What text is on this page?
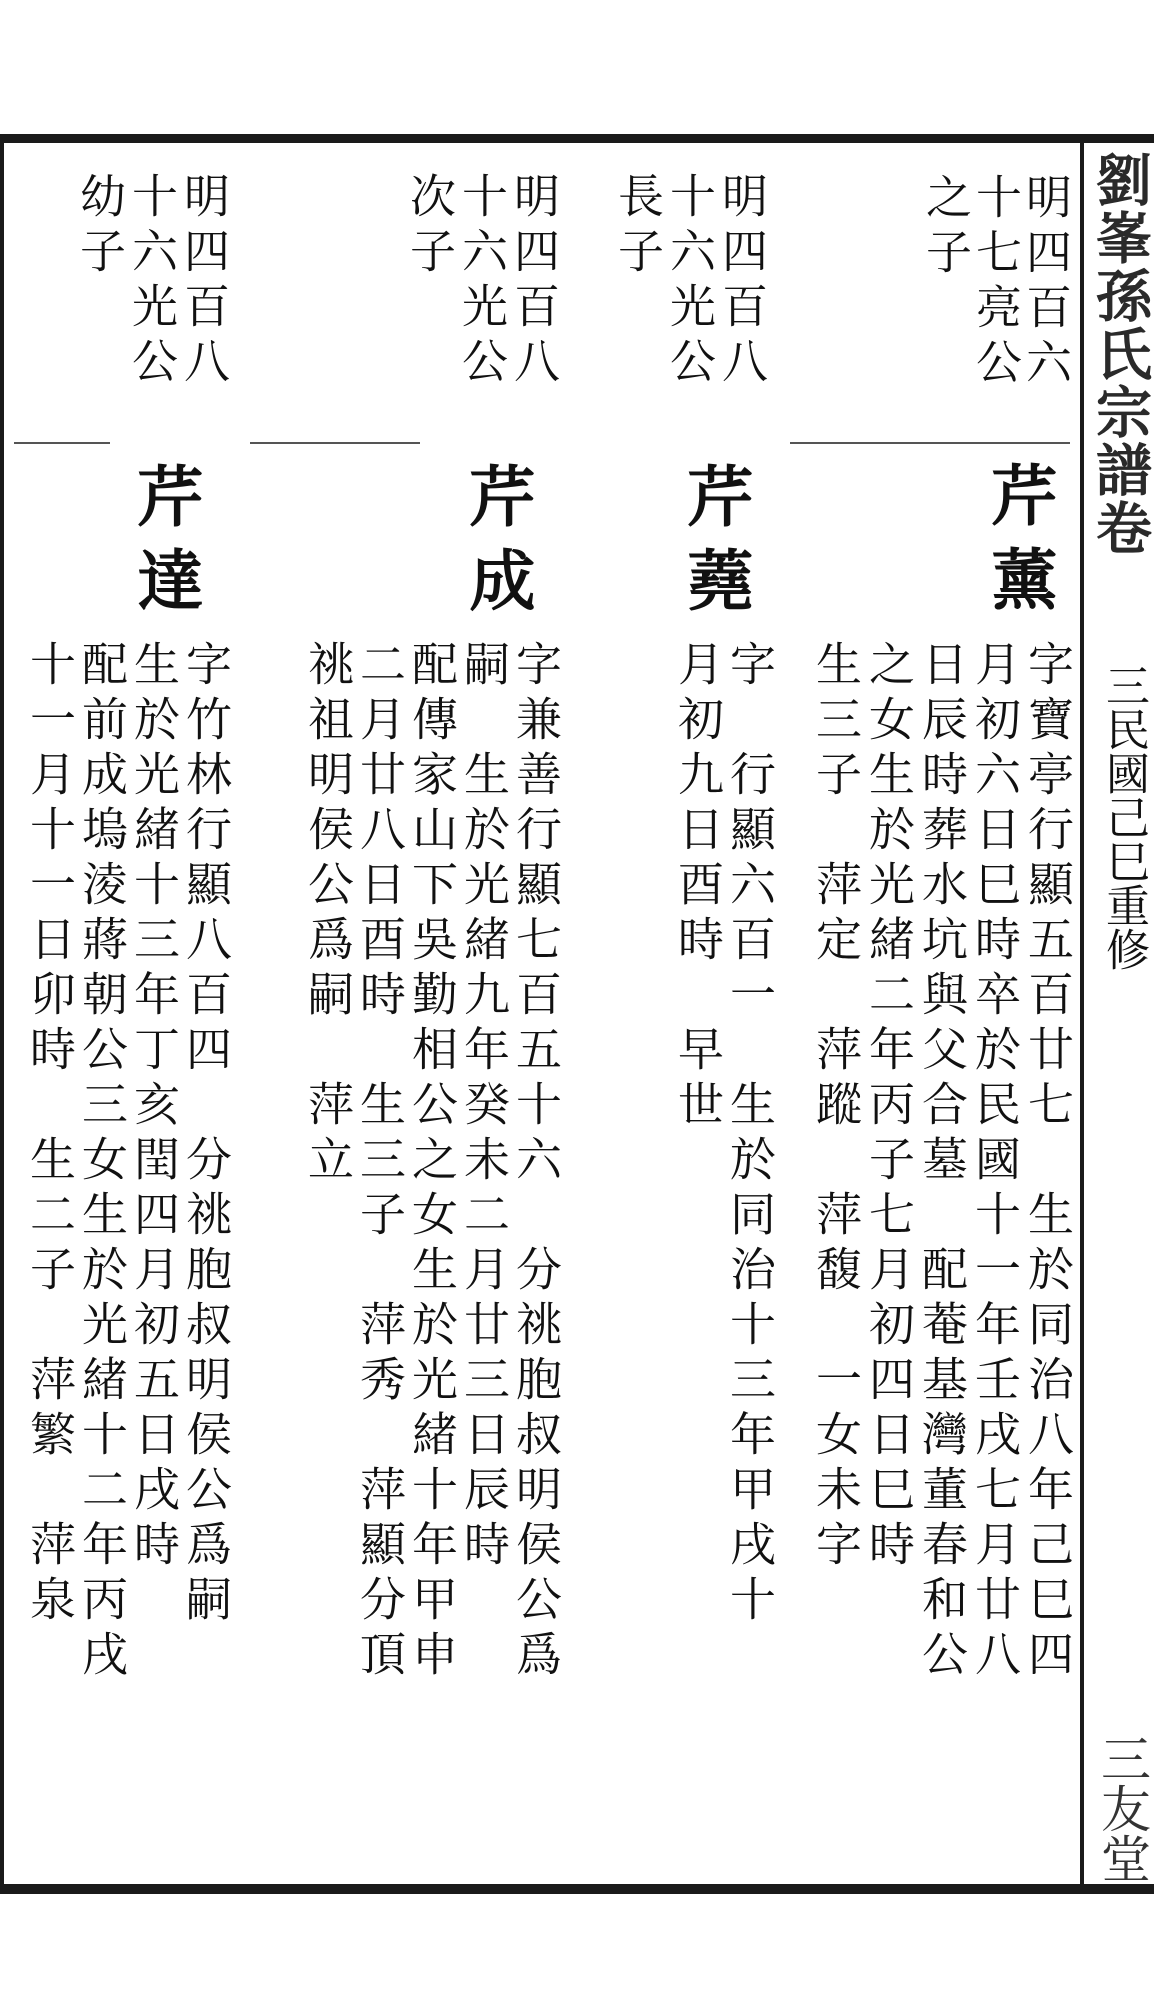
劉峯孫氏宗譜卷
三民國己巳重修
三友堂
明四百六
十七亮公
之子
芹薰
字寶亭行顯五百廿七　生於同治八年己巳四
月初六日巳時卒於民國十一年壬戌七月廿八
日辰時葬水坑與父合墓　配菴基灣董春和公
之女生於光緒二年丙子七月初四日巳時
生三子　萍定　萍蹤　萍馥　一女未字
明四百八
十六光公
長子
芹蕘
字　行顯六百一　生於同治十三年甲戌十
月初九日酉時　早世
明四百八
十六光公
次子
芹成
字兼善行顯七百五十六　分祧胞叔明侯公爲
嗣　生於光緒九年癸未二月廿三日辰時
配傳家山下吳勤相公之女生於光緒十年甲申
二月廿八日酉時　生三子　萍秀　萍顯分頂
祧祖明侯公爲嗣　萍立
明四百八
十六光公
幼子
芹達
字竹林行顯八百四　分祧胞叔明侯公爲嗣
生於光緒十三年丁亥閏四月初五日戌時
配前成塢淩蔣朝公三女生於光緒十二年丙戌
十一月十一日卯時　生二子　萍繁　萍泉
